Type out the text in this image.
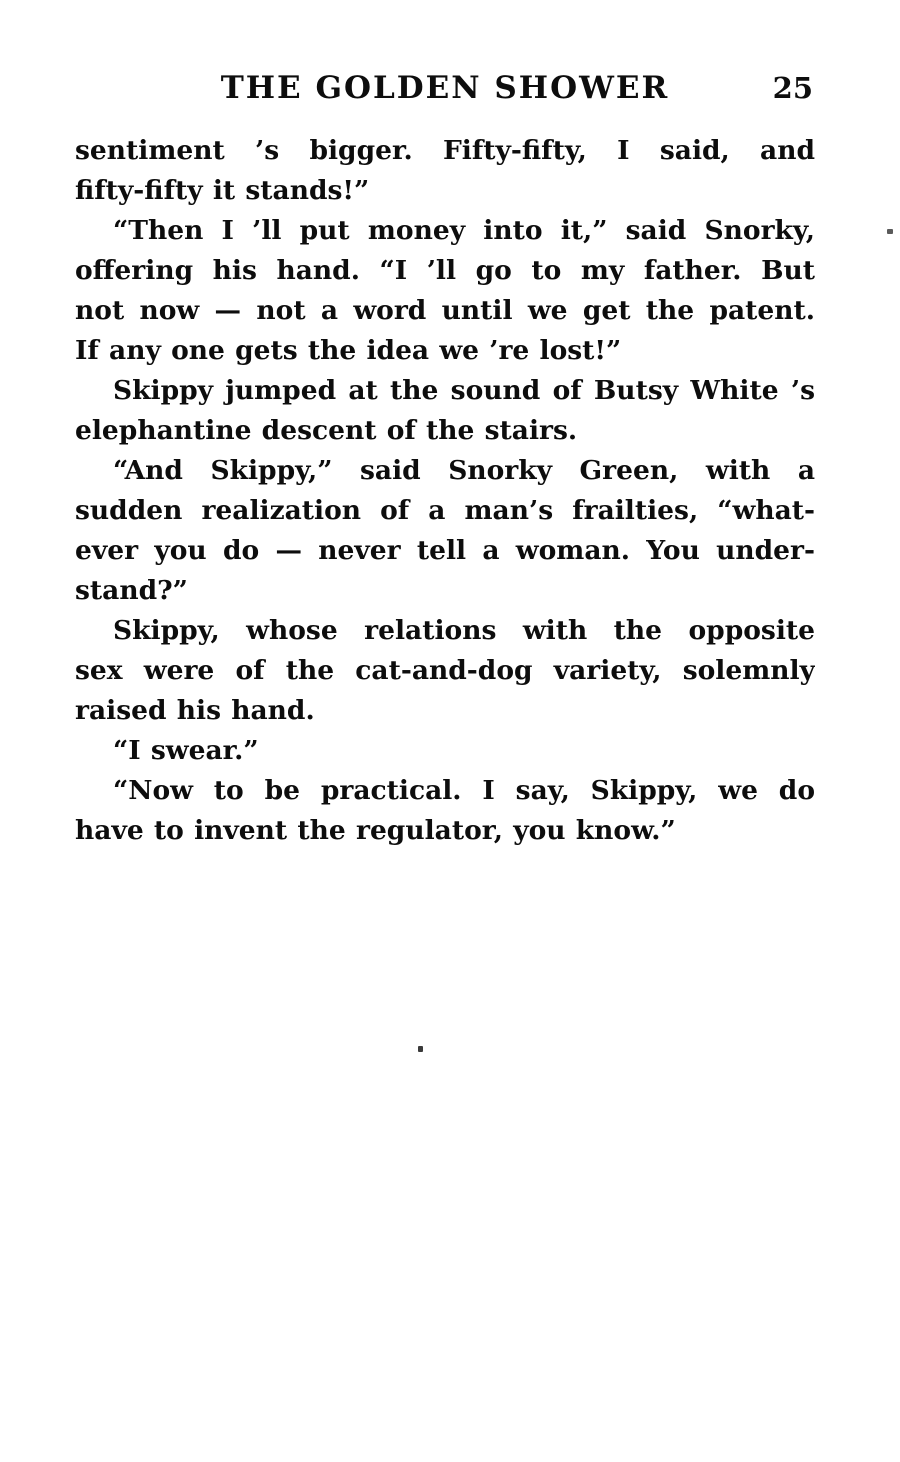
THE GOLDEN SHOWER	25
sentiment ’s bigger. Fifty-fifty, I said, and
fifty-fifty it stands!”
“Then I ’ll put money into it,” said Snorky,
offering his hand. “I ’ll go to my father. But
not now — not a word until we get the patent.
If any one gets the idea we ’re lost!”
Skippy jumped at the sound of Butsy White ’s
elephantine descent of the stairs.
“And Skippy,” said Snorky Green, with a
sudden realization of a man’s frailties, “what-
ever you do — never tell a woman. You under-
stand?”
Skippy, whose relations with the opposite
sex were of the cat-and-dog variety, solemnly
raised his hand.
“I swear.”
“Now to be practical. I say, Skippy, we do
have to invent the regulator, you know.”
